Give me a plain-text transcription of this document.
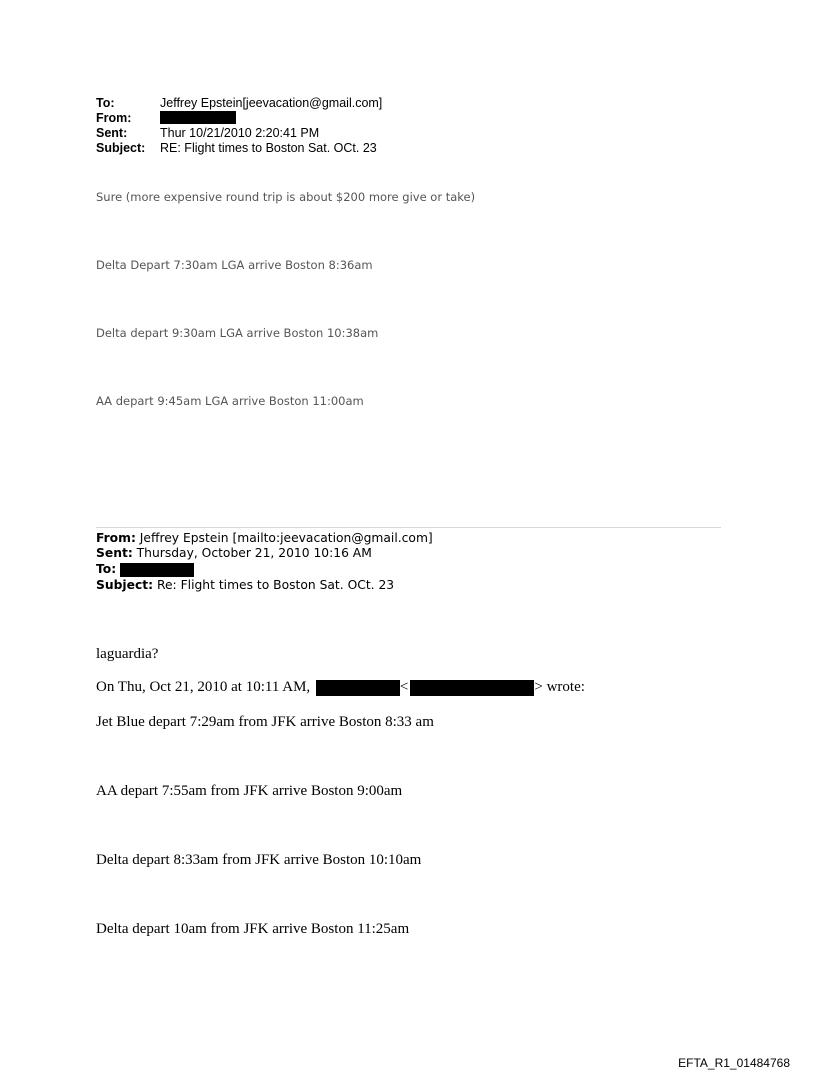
To:	Jeffrey Epstein[jeevacation@gmail.com]
From:
Sent:	Thur 10/21/2010 2:20:41 PM
Subject: RE: Flight times to Boston Sat. OCt. 23
Sure (more expensive round trip is about $200 more give or take)
Delta Depart 7:30am LGA arrive Boston 8:36am
Delta depart 9:30am LGA arrive Boston 10:38am
AA depart 9:45am LGA arrive Boston 11:00am
From: Jeffrey Epstein [mailto:jeevacation@gmail.com]
Sent: Thursday, October 21, 2010 10:16 AM
To:
Subject: Re: Flight times to Boston Sat. OCt. 23
laguardia?
On Thu, Oct 21, 2010 at 10:11 AM,	<	> wrote:
Jet Blue depart 7:29am from JFK arrive Boston 8:33 am
AA depart 7:55am from JFK arrive Boston 9:00am
Delta depart 8:33am from JFK arrive Boston 10:10am
Delta depart 10am from JFK arrive Boston 11:25am
EFTA_R1_01484768
